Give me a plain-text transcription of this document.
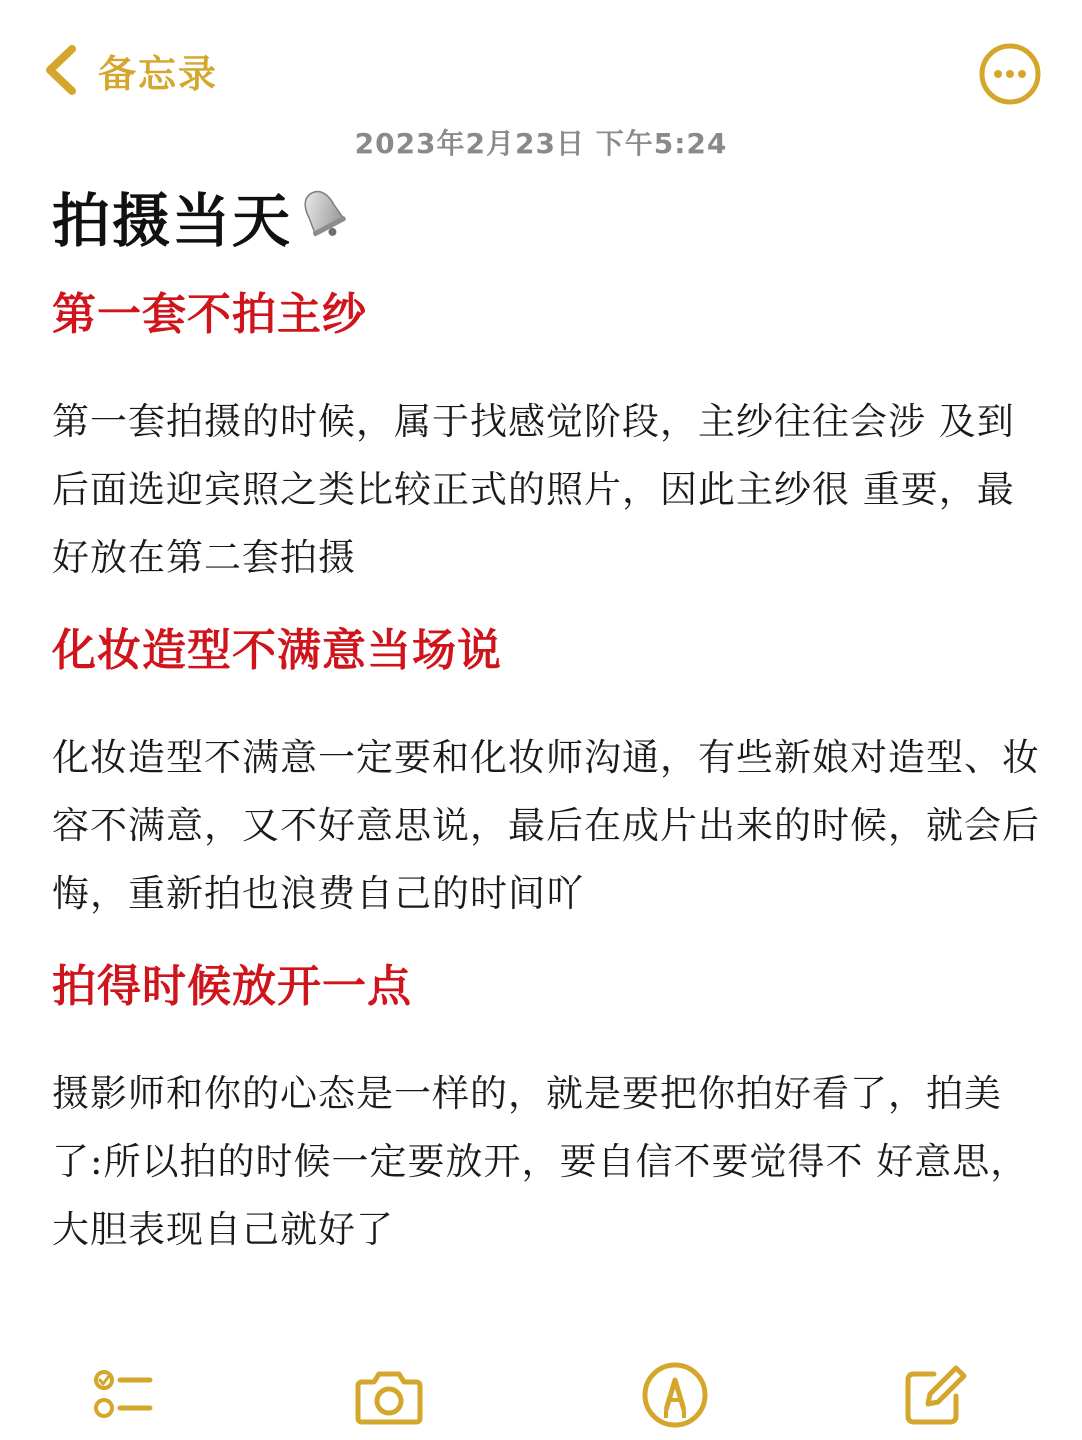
备忘录
2023年2月23日 下午5:24
拍摄当天
第一套不拍主纱
第一套拍摄的时候，属于找感觉阶段，主纱往往会涉 及到后面选迎宾照之类比较正式的照片，因此主纱很 重要，最好放在第二套拍摄
化妆造型不满意当场说
化妆造型不满意一定要和化妆师沟通，有些新娘对造型、妆容不满意，又不好意思说，最后在成片出来的时候，就会后悔，重新拍也浪费自己的时间吖
拍得时候放开一点
摄影师和你的心态是一样的，就是要把你拍好看了，拍美了:所以拍的时候一定要放开，要自信不要觉得不 好意思，大胆表现自己就好了
